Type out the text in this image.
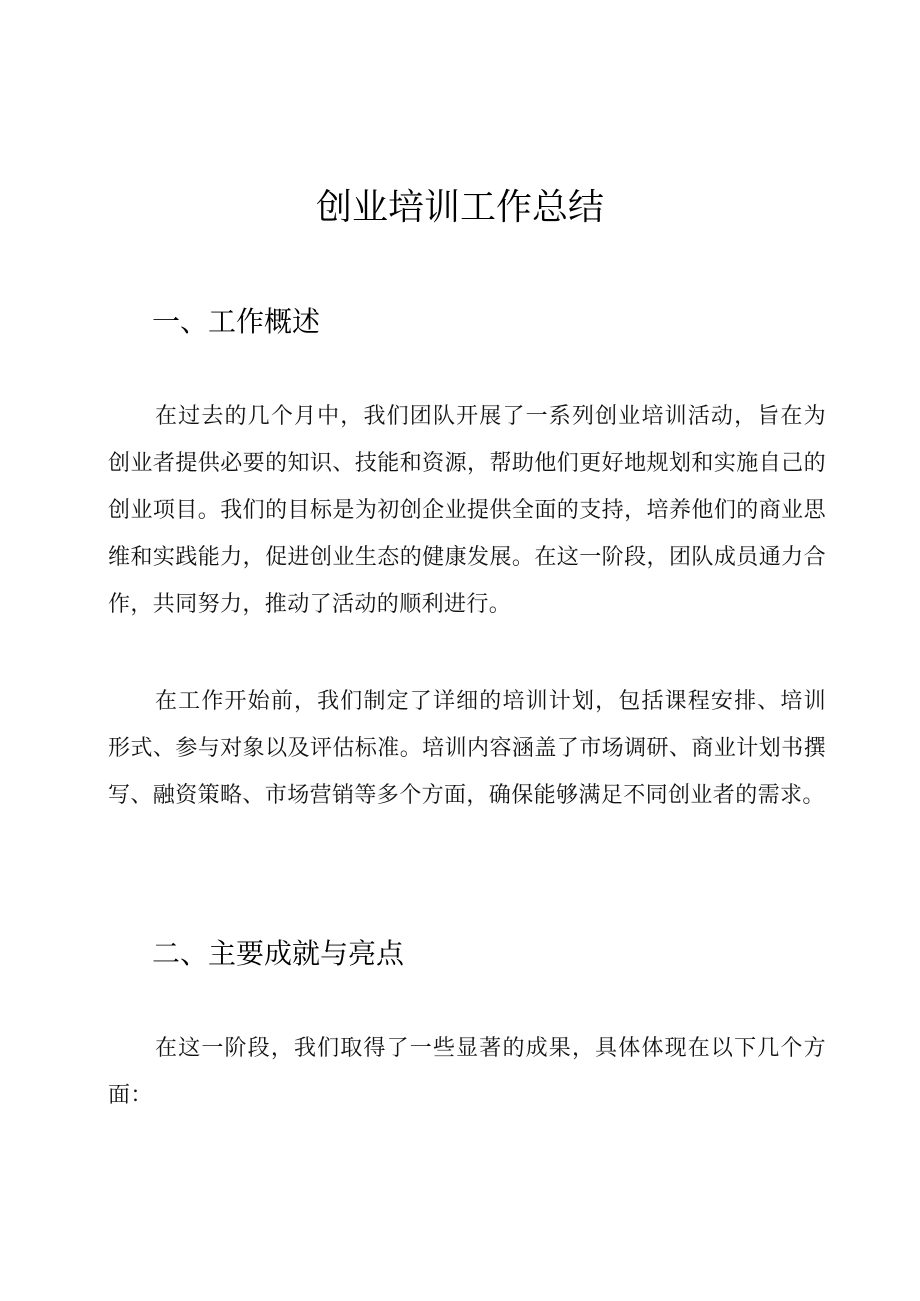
创业培训工作总结
一、工作概述

在过去的几个月中，我们团队开展了一系列创业培训活动，旨在为创业者提供必要的知识、技能和资源，帮助他们更好地规划和实施自己的创业项目。我们的目标是为初创企业提供全面的支持，培养他们的商业思维和实践能力，促进创业生态的健康发展。在这一阶段，团队成员通力合作，共同努力，推动了活动的顺利进行。

在工作开始前，我们制定了详细的培训计划，包括课程安排、培训形式、参与对象以及评估标准。培训内容涵盖了市场调研、商业计划书撰写、融资策略、市场营销等多个方面，确保能够满足不同创业者的需求。

二、主要成就与亮点

在这一阶段，我们取得了一些显著的成果，具体体现在以下几个方面：
